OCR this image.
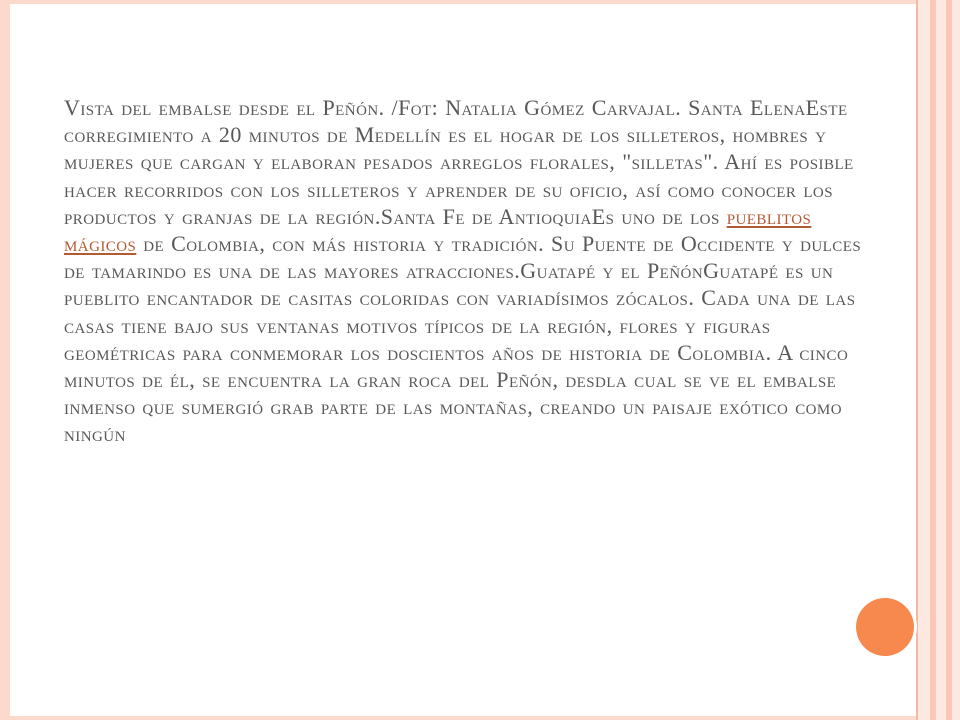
Vista del embalse desde el Peñón. /Fot: Natalia Gómez Carvajal. Santa ElenaEste corregimiento a 20 minutos de Medellín es el hogar de los silleteros, hombres y mujeres que cargan y elaboran pesados arreglos florales, "silletas". Ahí es posible hacer recorridos con los silleteros y aprender de su oficio, así como conocer los productos y granjas de la región.Santa Fe de AntioquiaEs uno de los pueblitos mágicos de Colombia, con más historia y tradición. Su Puente de Occidente y dulces de tamarindo es una de las mayores atracciones.Guatapé y el PeñónGuatapé es un pueblito encantador de casitas coloridas con variadísimos zócalos. Cada una de las casas tiene bajo sus ventanas motivos típicos de la región, flores y figuras geométricas para conmemorar los doscientos años de historia de Colombia. A cinco minutos de él, se encuentra la gran roca del Peñón, desdla cual se ve el embalse inmenso que sumergió grab parte de las montañas, creando un paisaje exótico como ningún
